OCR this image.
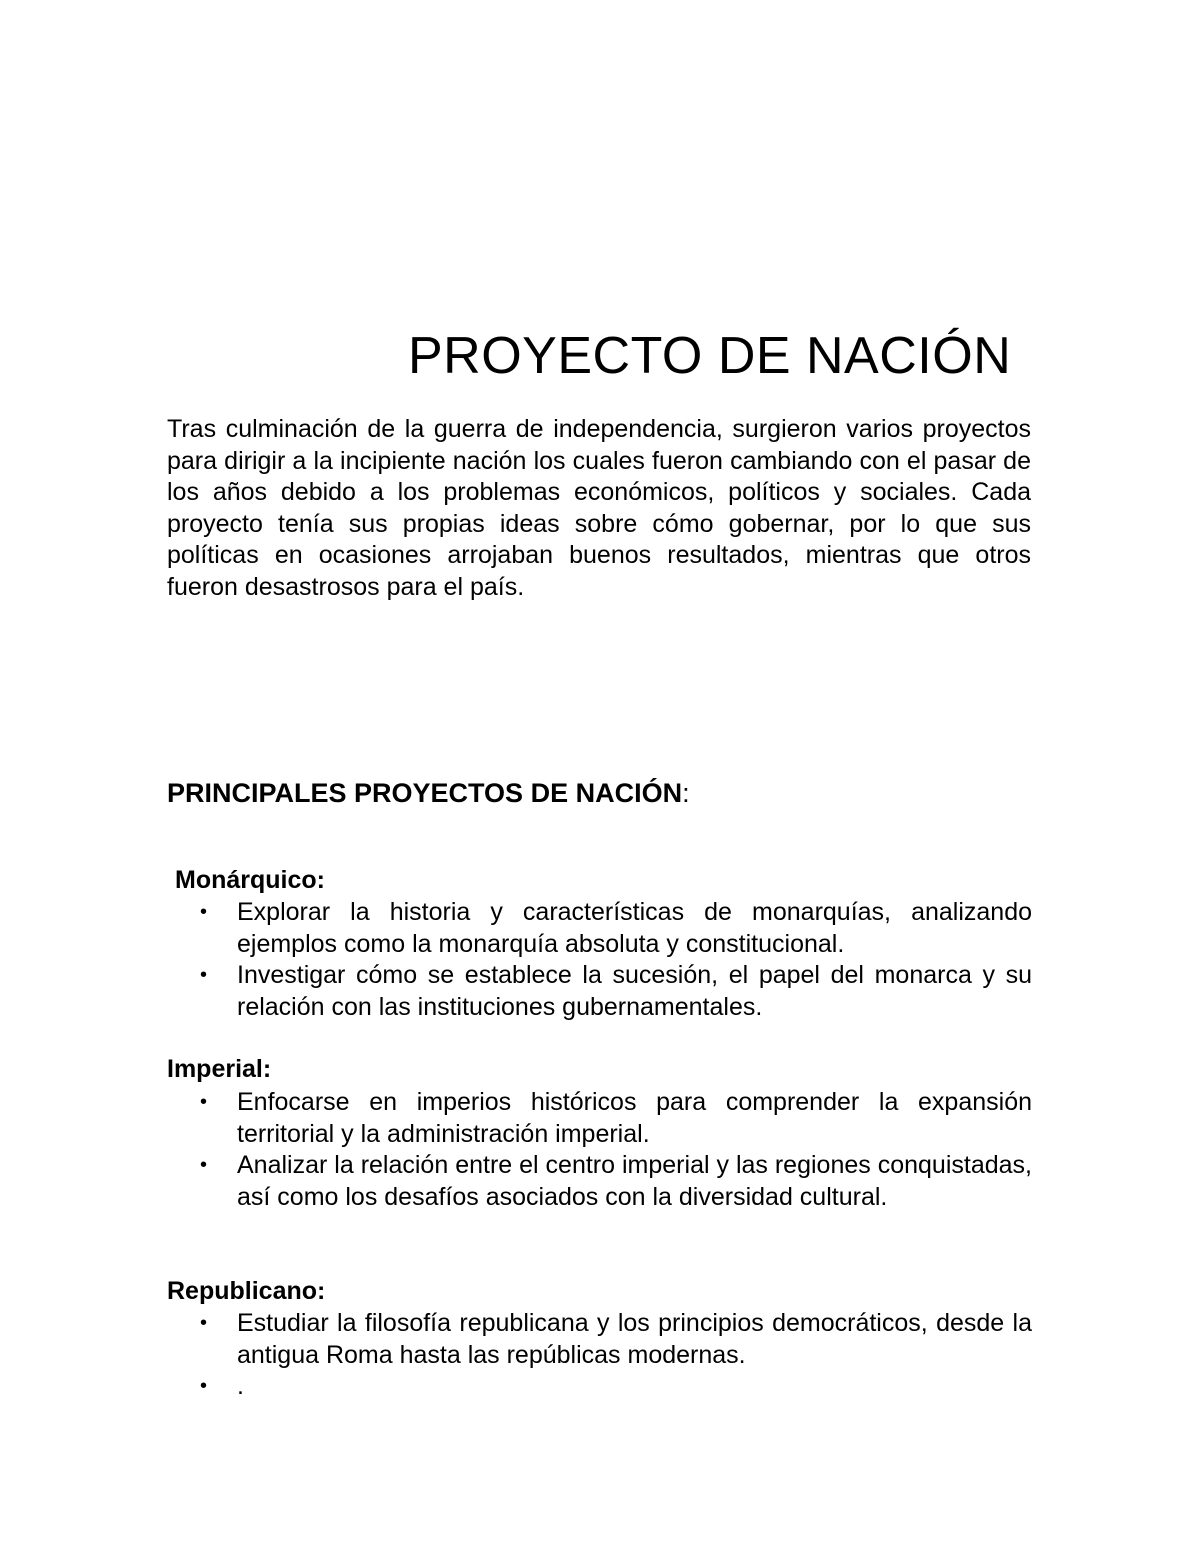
PROYECTO DE NACIÓN

Tras culminación de la guerra de independencia, surgieron varios proyectos para dirigir a la incipiente nación los cuales fueron cambiando con el pasar de los años debido a los problemas económicos, políticos y sociales. Cada proyecto tenía sus propias ideas sobre cómo gobernar, por lo que sus políticas en ocasiones arrojaban buenos resultados, mientras que otros fueron desastrosos para el país.

PRINCIPALES PROYECTOS DE NACIÓN:
Monárquico:
• Explorar la historia y características de monarquías, analizando ejemplos como la monarquía absoluta y constitucional.
• Investigar cómo se establece la sucesión, el papel del monarca y su relación con las instituciones gubernamentales.
Imperial:
• Enfocarse en imperios históricos para comprender la expansión territorial y la administración imperial.
• Analizar la relación entre el centro imperial y las regiones conquistadas, así como los desafíos asociados con la diversidad cultural.
Republicano:
• Estudiar la filosofía republicana y los principios democráticos, desde la antigua Roma hasta las repúblicas modernas.
• .
